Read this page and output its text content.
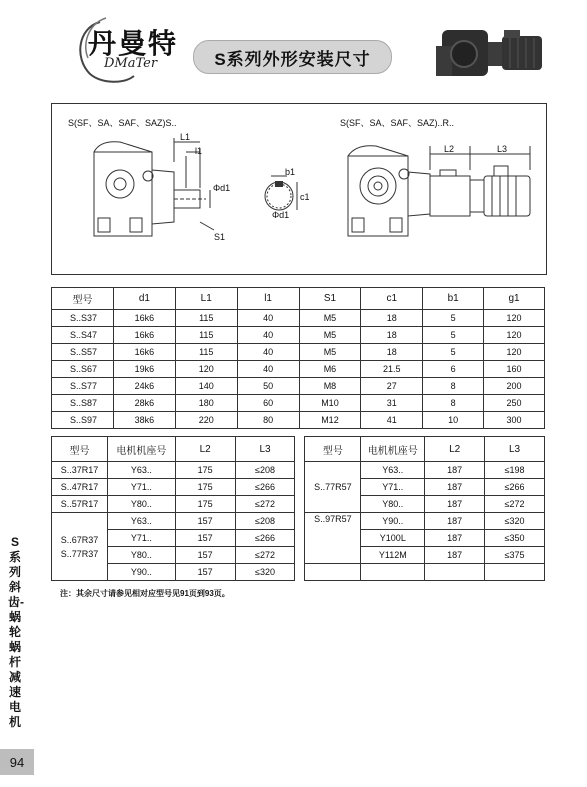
丹曼特
DMaTer	S系列外形安装尺寸
S(SF、SA、SAF、SAZ)S..	S(SF、SA、SAF、SAZ)..R..
L1
l1
Φd1
S1
b1
c1
Φd1
L2	L3
型号	d1	L1	l1	S1	c1	b1	g1
S..S37	16k6	115	40	M5	18	5	120
S..S47	16k6	115	40	M5	18	5	120
S..S57	16k6	115	40	M5	18	5	120
S..S67	19k6	120	40	M6	21.5	6	160
S..S77	24k6	140	50	M8	27	8	200
S..S87	28k6	180	60	M10	31	8	250
S..S97	38k6	220	80	M12	41	10	300
型号	电机机座号	L2	L3		型号	电机机座号	L2	L3
S..37R17	Y63..	175	≤208		S..77R57	Y63..	187	≤198
S..47R17	Y71..	175	≤266			Y71..	187	≤266
S..57R17	Y80..	175	≤272			Y80..	187	≤272

S..67R37
S..77R37	Y63..	157	≤208		S..97R57	Y90..	187	≤320
	Y71..	157	≤266			Y100L	187	≤350
	Y80..	157	≤272			Y112M	187	≤375
	Y90..	157	≤320					
注：其余尺寸请参见相对应型号见91页到93页。
S系列斜齿-蜗轮蜗杆减速电机
94
